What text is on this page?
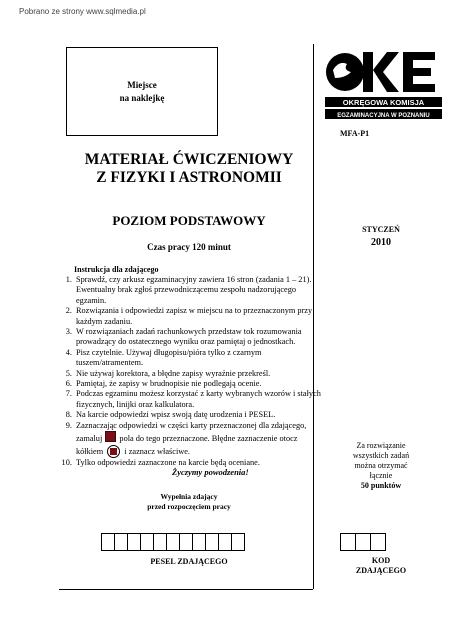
Pobrano ze strony www.sqlmedia.pl
Miejsce
na naklejkę	OKRĘGOWA KOMISJA
EGZAMINACYJNA W POZNANIU
MFA-P1
MATERIAŁ ĆWICZENIOWY
Z FIZYKI I ASTRONOMII
POZIOM PODSTAWOWY
Czas pracy 120 minut
STYCZEŃ
2010
Instrukcja dla zdającego
1. Sprawdź, czy arkusz egzaminacyjny zawiera 16 stron (zadania 1 – 21). Ewentualny brak zgłoś przewodniczącemu zespołu nadzorującego egzamin.
2. Rozwiązania i odpowiedzi zapisz w miejscu na to przeznaczonym przy każdym zadaniu.
3. W rozwiązaniach zadań rachunkowych przedstaw tok rozumowania prowadzący do ostatecznego wyniku oraz pamiętaj o jednostkach.
4. Pisz czytelnie. Używaj długopisu/pióra tylko z czarnym tuszem/atramentem.
5. Nie używaj korektora, a błędne zapisy wyraźnie przekreśl.
6. Pamiętaj, że zapisy w brudnopisie nie podlegają ocenie.
7. Podczas egzaminu możesz korzystać z karty wybranych wzorów i stałych fizycznych, linijki oraz kalkulatora.
8. Na karcie odpowiedzi wpisz swoją datę urodzenia i PESEL.
9. Zaznaczając odpowiedzi w części karty przeznaczonej dla zdającego, zamaluj pola do tego przeznaczone. Błędne zaznaczenie otocz kółkiem	i zaznacz właściwe.
10. Tylko odpowiedzi zaznaczone na karcie będą oceniane.
Życzymy powodzenia!
Za rozwiązanie
wszystkich zadań
można otrzymać
łącznie
50 punktów
Wypełnia zdający
przed rozpoczęciem pracy
PESEL ZDAJĄCEGO	KOD
ZDAJĄCEGO
